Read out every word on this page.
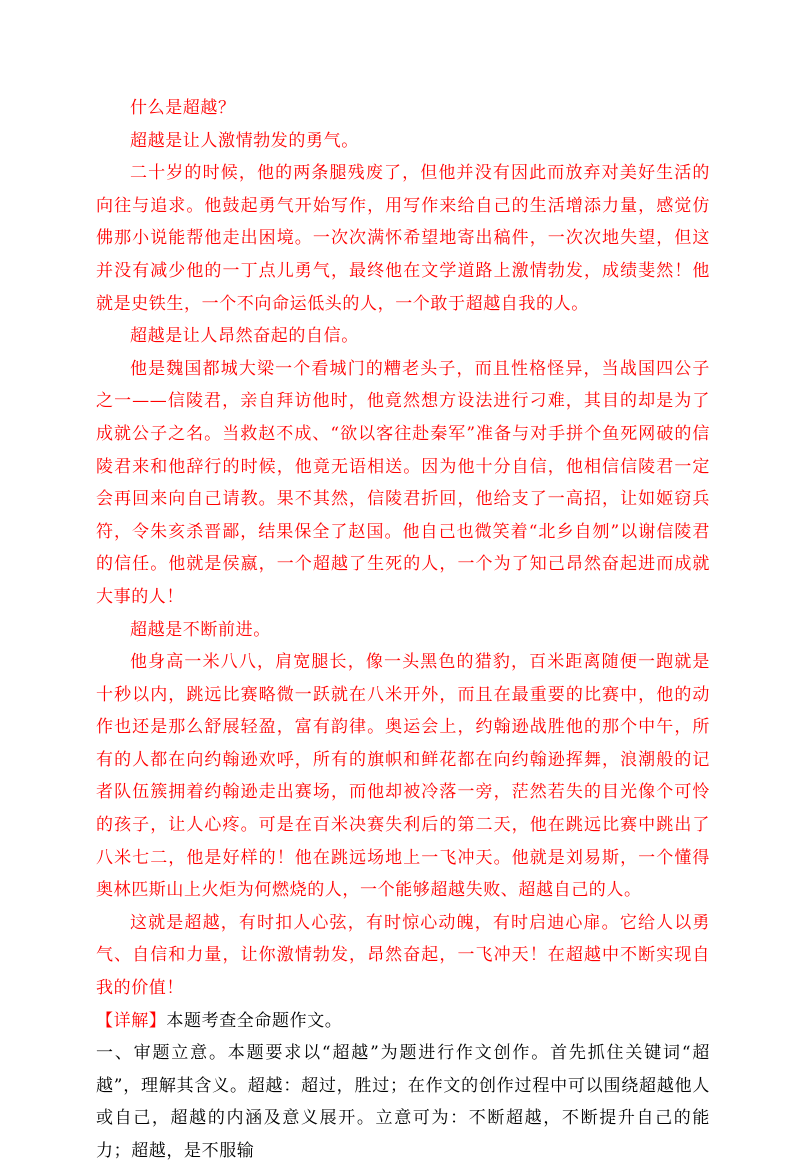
什么是超越？

超越是让人激情勃发的勇气。

二十岁的时候，他的两条腿残废了，但他并没有因此而放弃对美好生活的向往与追求。他鼓起勇气开始写作，用写作来给自己的生活增添力量，感觉仿佛那小说能帮他走出困境。一次次满怀希望地寄出稿件，一次次地失望，但这并没有减少他的一丁点儿勇气，最终他在文学道路上激情勃发，成绩斐然！他就是史铁生，一个不向命运低头的人，一个敢于超越自我的人。

超越是让人昂然奋起的自信。

他是魏国都城大梁一个看城门的糟老头子，而且性格怪异，当战国四公子之一——信陵君，亲自拜访他时，他竟然想方设法进行刁难，其目的却是为了成就公子之名。当救赵不成、“欲以客往赴秦军”准备与对手拼个鱼死网破的信陵君来和他辞行的时候，他竟无语相送。因为他十分自信，他相信信陵君一定会再回来向自己请教。果不其然，信陵君折回，他给支了一高招，让如姬窃兵符，令朱亥杀晋鄙，结果保全了赵国。他自己也微笑着“北乡自刎”以谢信陵君的信任。他就是侯嬴，一个超越了生死的人，一个为了知己昂然奋起进而成就大事的人！

超越是不断前进。

他身高一米八八，肩宽腿长，像一头黑色的猎豹，百米距离随便一跑就是十秒以内，跳远比赛略微一跃就在八米开外，而且在最重要的比赛中，他的动作也还是那么舒展轻盈，富有韵律。奥运会上，约翰逊战胜他的那个中午，所有的人都在向约翰逊欢呼，所有的旗帜和鲜花都在向约翰逊挥舞，浪潮般的记者队伍簇拥着约翰逊走出赛场，而他却被冷落一旁，茫然若失的目光像个可怜的孩子，让人心疼。可是在百米决赛失利后的第二天，他在跳远比赛中跳出了八米七二，他是好样的！他在跳远场地上一飞冲天。他就是刘易斯，一个懂得奥林匹斯山上火炬为何燃烧的人，一个能够超越失败、超越自己的人。

这就是超越，有时扣人心弦，有时惊心动魄，有时启迪心扉。它给人以勇气、自信和力量，让你激情勃发，昂然奋起，一飞冲天！在超越中不断实现自我的价值！

【详解】本题考查全命题作文。

一、审题立意。本题要求以“超越”为题进行作文创作。首先抓住关键词“超越”，理解其含义。超越：超过，胜过；在作文的创作过程中可以围绕超越他人或自己，超越的内涵及意义展开。立意可为：不断超越，不断提升自己的能力；超越，是不服输
